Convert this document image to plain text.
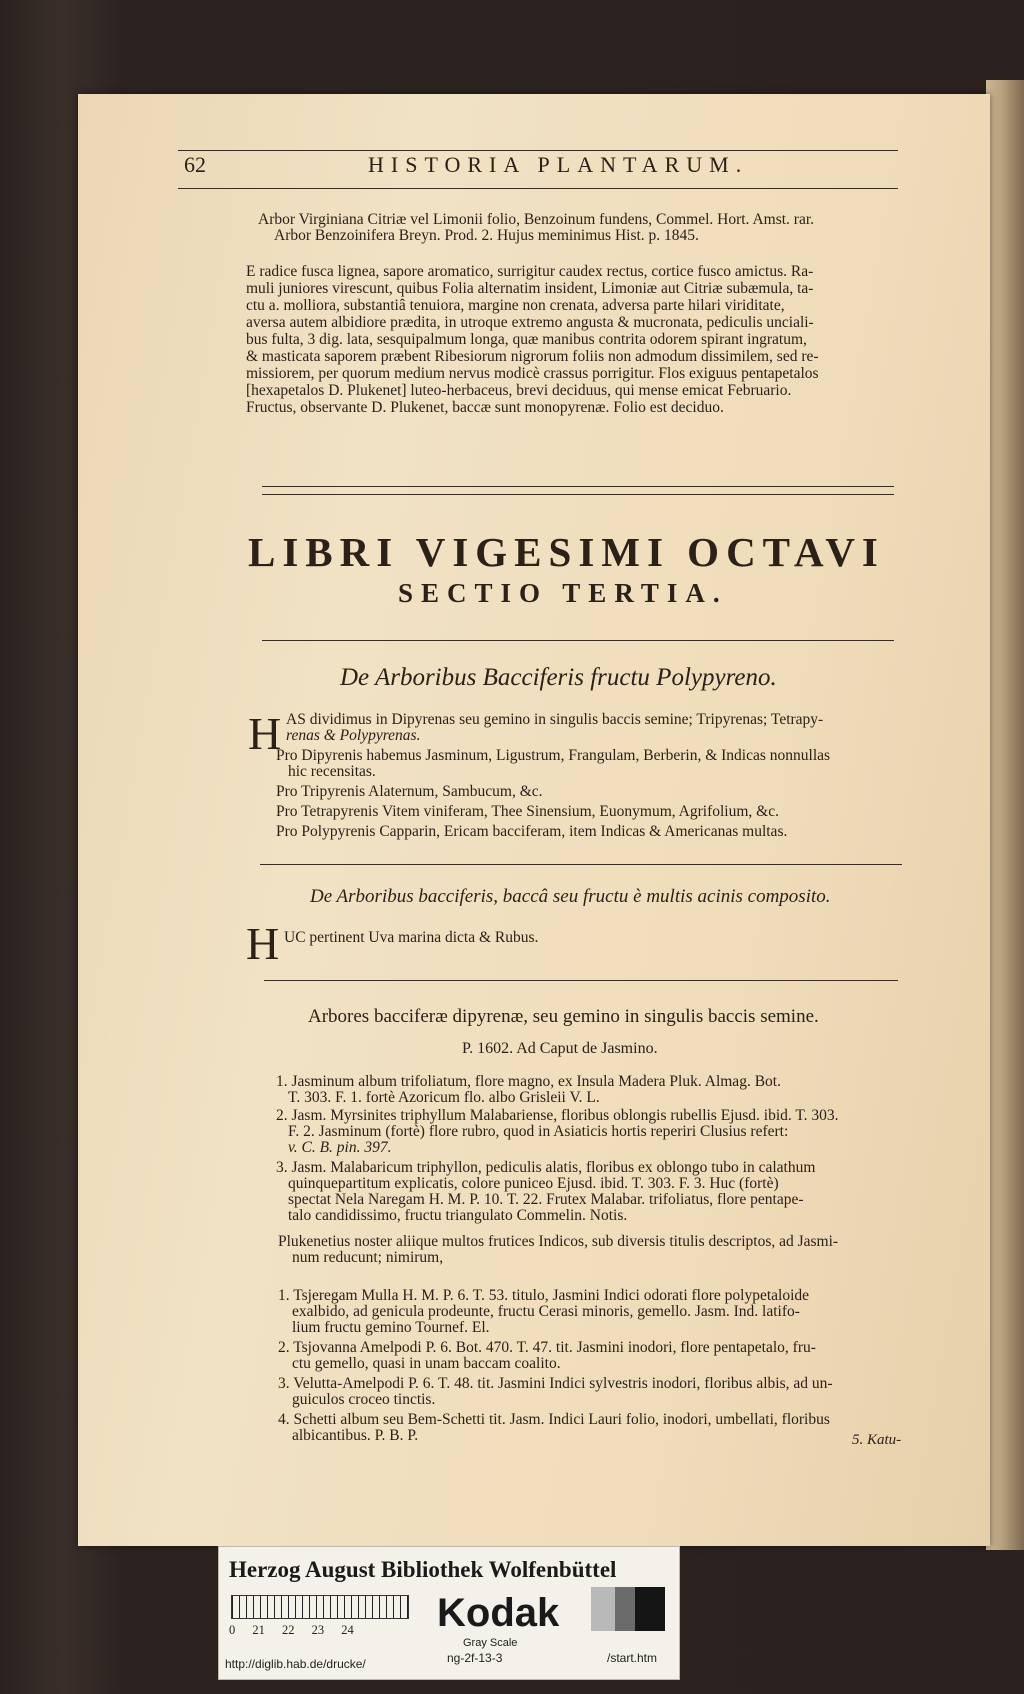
62	HISTORIA PLANTARUM.
Arbor Virginiana Citriæ vel Limonii folio, Benzoinum fundens, Commel. Hort. Amst. rar.
Arbor Benzoinifera Breyn. Prod. 2. Hujus meminimus Hist. p. 1845.
E radice fusca lignea, sapore aromatico, surrigitur caudex rectus, cortice fusco amictus. Ra-
muli juniores virescunt, quibus Folia alternatim insident, Limoniæ aut Citriæ subæmula, ta-
ctu a. molliora, substantiâ tenuiora, margine non crenata, adversa parte hilari viriditate,
aversa autem albidiore prædita, in utroque extremo angusta & mucronata, pediculis unciali-
bus fulta, 3 dig. lata, sesquipalmum longa, quæ manibus contrita odorem spirant ingratum,
& masticata saporem præbent Ribesiorum nigrorum foliis non admodum dissimilem, sed re-
missiorem, per quorum medium nervus modicè crassus porrigitur. Flos exiguus pentapetalos
[hexapetalos D. Plukenet] luteo-herbaceus, brevi deciduus, qui mense emicat Februario.
Fructus, observante D. Plukenet, baccæ sunt monopyrenæ. Folio est deciduo.
LIBRI VIGESIMI OCTAVI
SECTIO TERTIA.
De Arboribus Bacciferis fructu Polypyreno.
H AS dividimus in Dipyrenas seu gemino in singulis baccis semine; Tripyrenas; Tetrapy-
renas & Polypyrenas.
Pro Dipyrenis habemus Jasminum, Ligustrum, Frangulam, Berberin, & Indicas nonnullas
hic recensitas.
Pro Tripyrenis Alaternum, Sambucum, &c.
Pro Tetrapyrenis Vitem viniferam, Thee Sinensium, Euonymum, Agrifolium, &c.
Pro Polypyrenis Capparin, Ericam bacciferam, item Indicas & Americanas multas.
De Arboribus bacciferis, baccâ seu fructu è multis acinis composito.
H UC pertinent Uva marina dicta & Rubus.
Arbores bacciferæ dipyrenæ, seu gemino in singulis baccis semine.
P. 1602. Ad Caput de Jasmino.
1. Jasminum album trifoliatum, flore magno, ex Insula Madera Pluk. Almag. Bot.
T. 303. F. 1. fortè Azoricum flo. albo Grisleii V. L.
2. Jasm. Myrsinites triphyllum Malabariense, floribus oblongis rubellis Ejusd. ibid. T. 303.
F. 2. Jasminum (fortè) flore rubro, quod in Asiaticis hortis reperiri Clusius refert:
v. C. B. pin. 397.
3. Jasm. Malabaricum triphyllon, pediculis alatis, floribus ex oblongo tubo in calathum
quinquepartitum explicatis, colore puniceo Ejusd. ibid. T. 303. F. 3. Huc (fortè)
spectat Nela Naregam H. M. P. 10. T. 22. Frutex Malabar. trifoliatus, flore pentape-
talo candidissimo, fructu triangulato Commelin. Notis.
Plukenetius noster aliique multos frutices Indicos, sub diversis titulis descriptos, ad Jasmi-
num reducunt; nimirum,
1. Tsjeregam Mulla H. M. P. 6. T. 53. titulo, Jasmini Indici odorati flore polypetaloide
exalbido, ad genicula prodeunte, fructu Cerasi minoris, gemello. Jasm. Ind. latifo-
lium fructu gemino Tournef. El.
2. Tsjovanna Amelpodi P. 6. Bot. 470. T. 47. tit. Jasmini inodori, flore pentapetalo, fru-
ctu gemello, quasi in unam baccam coalito.
3. Velutta-Amelpodi P. 6. T. 48. tit. Jasmini Indici sylvestris inodori, floribus albis, ad un-
guiculos croceo tinctis.
4. Schetti album seu Bem-Schetti tit. Jasm. Indici Lauri folio, inodori, umbellati, floribus
albicantibus. P. B. P.	5. Katu-
Herzog August Bibliothek Wolfenbüttel
0 21 22 23 24 Kodak
Gray Scale
http://diglib.hab.de/drucke/	ng-2f-13-3	/start.htm
